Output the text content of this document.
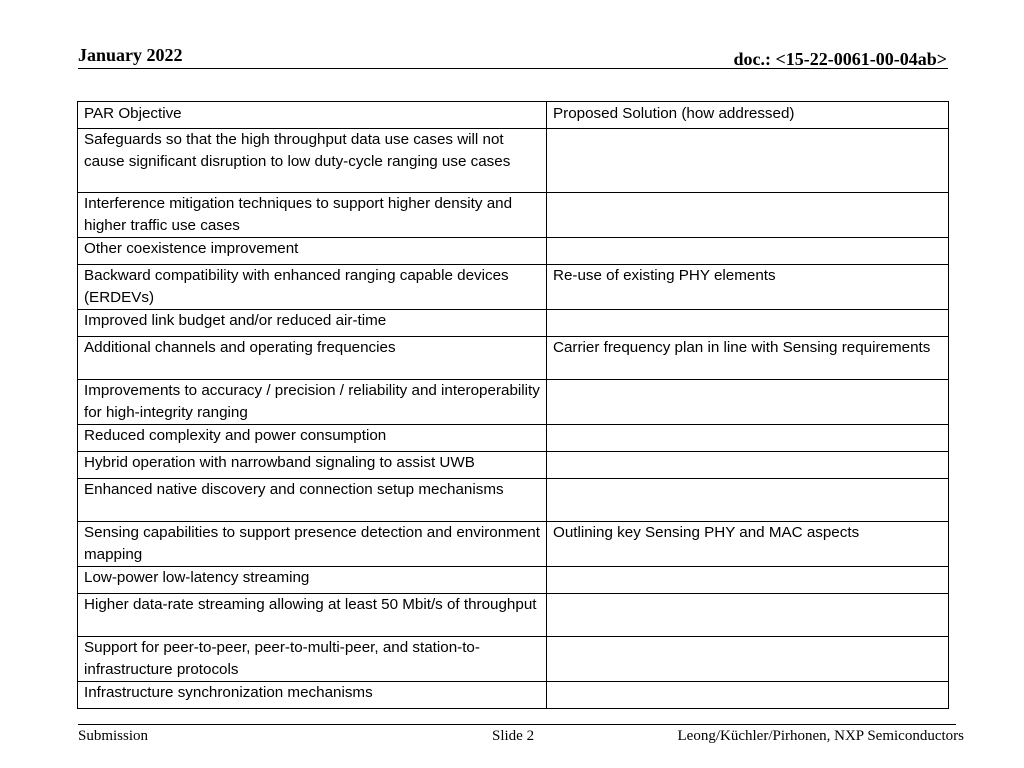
January 2022	doc.: <15-22-0061-00-04ab>
PAR Objective	Proposed Solution (how addressed)
Safeguards so that the high throughput data use cases will not cause significant disruption to low duty-cycle ranging use cases	
Interference mitigation techniques to support higher density and higher traffic use cases	
Other coexistence improvement	
Backward compatibility with enhanced ranging capable devices (ERDEVs)	Re-use of existing PHY elements
Improved link budget and/or reduced air-time	
Additional channels and operating frequencies	Carrier frequency plan in line with Sensing requirements
Improvements to accuracy / precision / reliability and interoperability for high-integrity ranging	
Reduced complexity and power consumption	
Hybrid operation with narrowband signaling to assist UWB	
Enhanced native discovery and connection setup mechanisms	
Sensing capabilities to support presence detection and environment mapping	Outlining key Sensing PHY and MAC aspects
Low-power low-latency streaming	
Higher data-rate streaming allowing at least 50 Mbit/s of throughput	
Support for peer-to-peer, peer-to-multi-peer, and station-to-infrastructure protocols	
Infrastructure synchronization mechanisms	
Submission	Slide 2	Leong/Küchler/Pirhonen, NXP Semiconductors
